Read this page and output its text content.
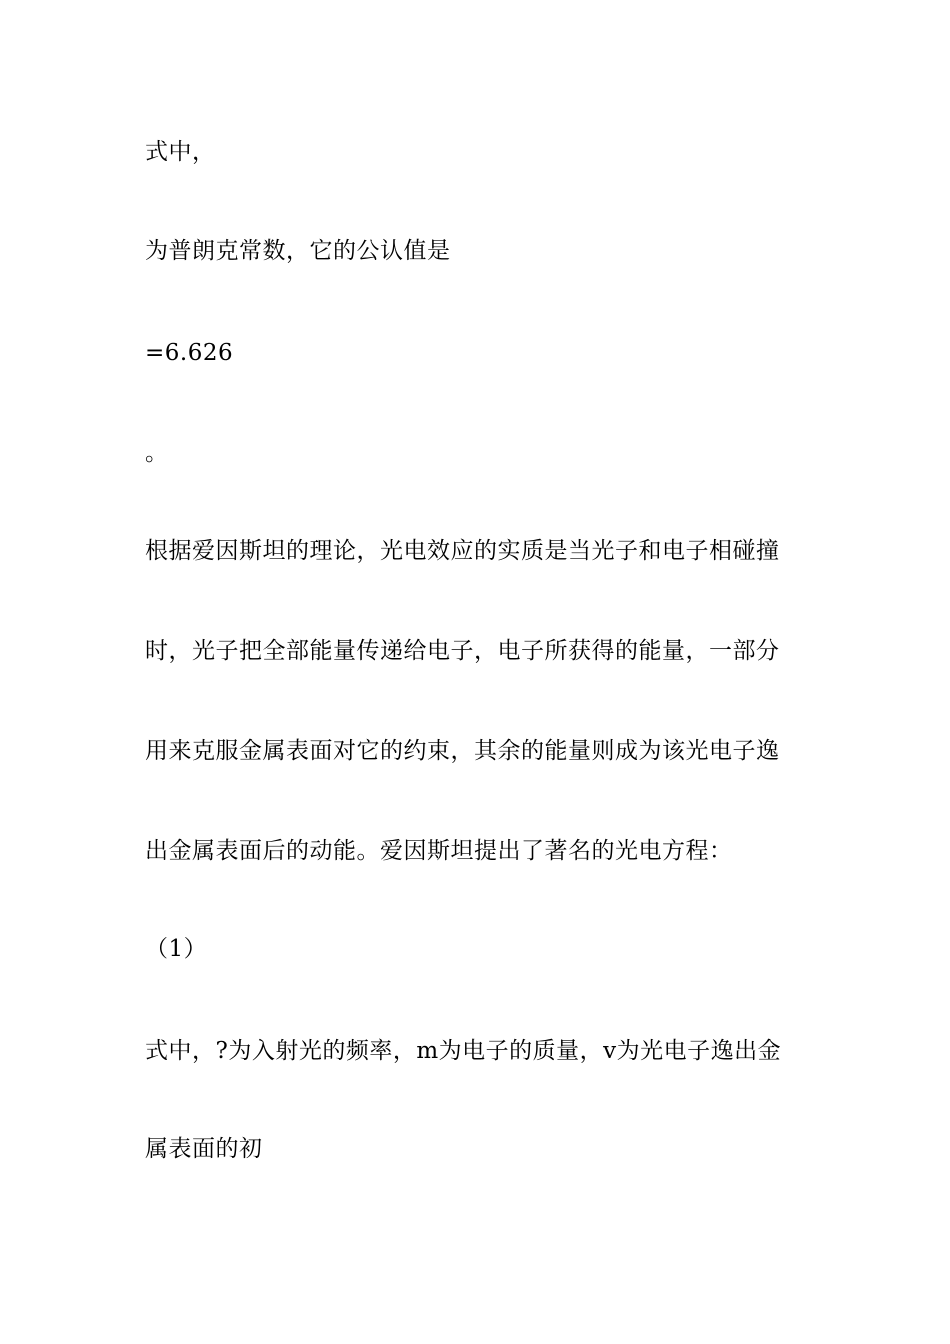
式中，
为普朗克常数，它的公认值是
=6.626
。
根据爱因斯坦的理论，光电效应的实质是当光子和电子相碰撞
时，光子把全部能量传递给电子，电子所获得的能量，一部分
用来克服金属表面对它的约束，其余的能量则成为该光电子逸
出金属表面后的动能。爱因斯坦提出了著名的光电方程：
（1）
式中，?为入射光的频率，m为电子的质量，v为光电子逸出金
属表面的初
